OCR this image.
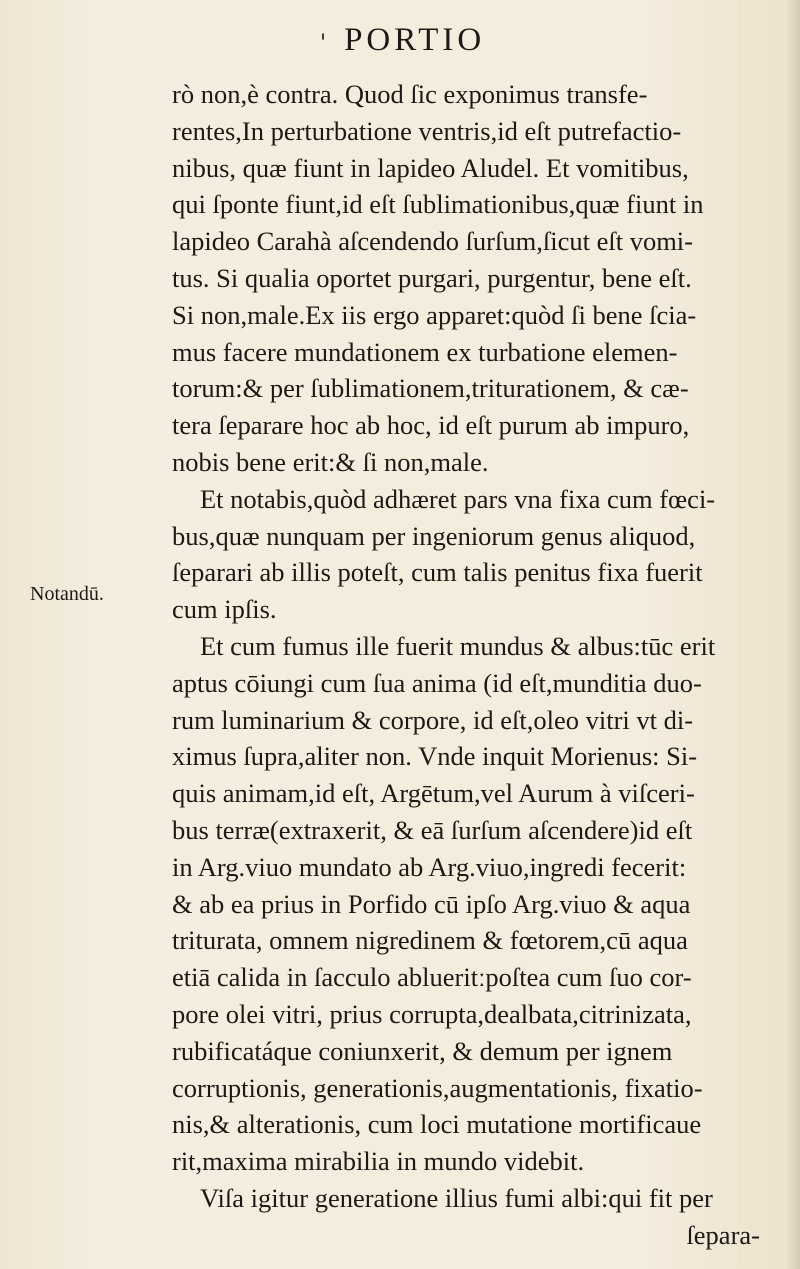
' PORTIO
Notandū.
rò non,è contra. Quod ſic exponimus transfe-
rentes,In perturbatione ventris,id eſt putrefactio-
nibus, quæ fiunt in lapideo Aludel. Et vomitibus,
qui ſponte fiunt,id eſt ſublimationibus,quæ fiunt in
lapideo Carahà aſcendendo ſurſum,ſicut eſt vomi-
tus. Si qualia oportet purgari, purgentur, bene eſt.
Si non,male.Ex iis ergo apparet:quòd ſi bene ſcia-
mus facere mundationem ex turbatione elemen-
torum:& per ſublimationem,triturationem, & cæ-
tera ſeparare hoc ab hoc, id eſt purum ab impuro,
nobis bene erit:& ſi non,male.
Et notabis,quòd adhæret pars vna fixa cum fœci-
bus,quæ nunquam per ingeniorum genus aliquod,
ſeparari ab illis poteſt, cum talis penitus fixa fuerit
cum ipſis.
Et cum fumus ille fuerit mundus & albus:tūc erit
aptus cōiungi cum ſua anima (id eſt,munditia duo-
rum luminarium & corpore, id eſt,oleo vitri vt di-
ximus ſupra,aliter non. Vnde inquit Morienus: Si-
quis animam,id eſt, Argētum,vel Aurum à viſceri-
bus terræ(extraxerit, & eā ſurſum aſcendere)id eſt
in Arg.viuo mundato ab Arg.viuo,ingredi fecerit:
& ab ea prius in Porfido cū ipſo Arg.viuo & aqua
triturata, omnem nigredinem & fœtorem,cū aqua
etiā calida in ſacculo ablueritːpoſtea cum ſuo cor-
pore olei vitri, prius corrupta,dealbata,citrinizata,
rubificatáque coniunxerit, & demum per ignem
corruptionis, generationis,augmentationis, fixatio-
nis,& alterationis, cum loci mutatione mortificaue
rit,maxima mirabilia in mundo videbit.
Viſa igitur generatione illius fumi albi:qui fit per
ſepara-
